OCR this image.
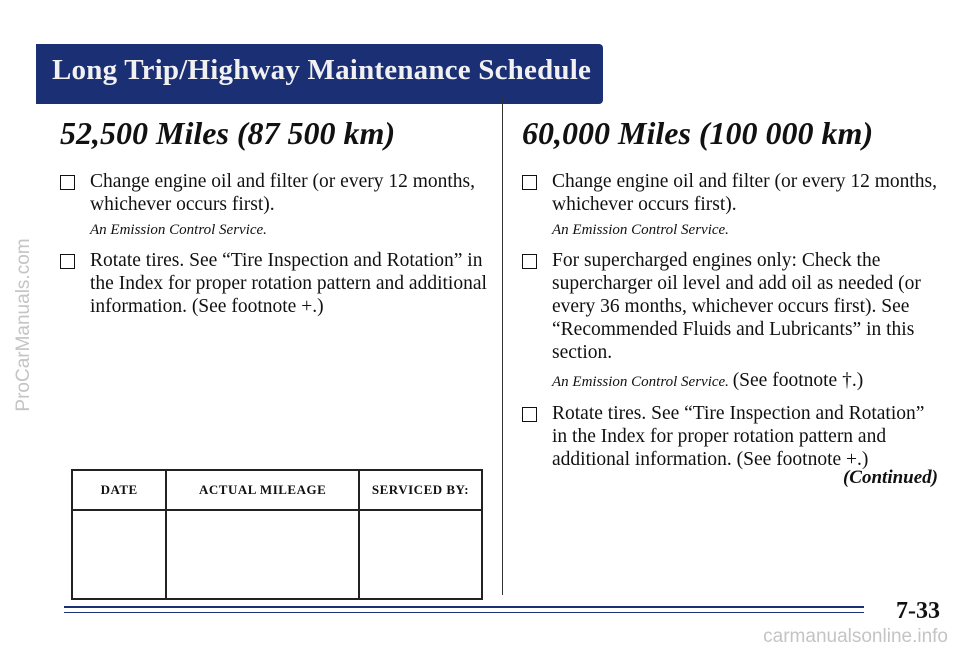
ProCarManuals.com
Long Trip/Highway Maintenance Schedule
52,500 Miles (87 500 km)
Change engine oil and filter (or every 12 months, whichever occurs first).
An Emission Control Service.
Rotate tires. See “Tire Inspection and Rotation” in the Index for proper rotation pattern and additional information. (See footnote +.)
DATE	ACTUAL MILEAGE	SERVICED BY:

60,000 Miles (100 000 km)
Change engine oil and filter (or every 12 months, whichever occurs first).
An Emission Control Service.
For supercharged engines only: Check the supercharger oil level and add oil as needed (or every 36 months, whichever occurs first). See “Recommended Fluids and Lubricants” in this section.
An Emission Control Service. (See footnote †.)
Rotate tires. See “Tire Inspection and Rotation” in the Index for proper rotation pattern and additional information. (See footnote +.)
(Continued)
7-33
carmanualsonline.info
